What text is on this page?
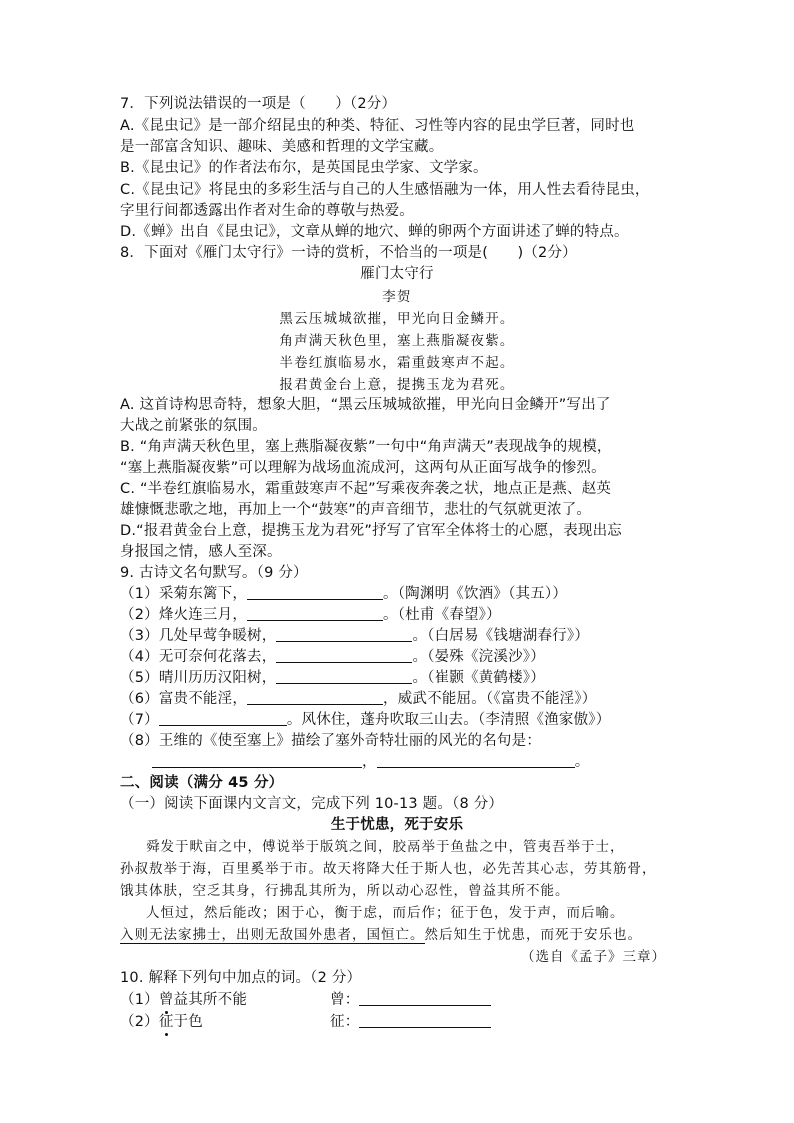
7．下列说法错误的一项是（　　）（2分）
A.《昆虫记》是一部介绍昆虫的种类、特征、习性等内容的昆虫学巨著，同时也
是一部富含知识、趣味、美感和哲理的文学宝藏。
B.《昆虫记》的作者法布尔，是英国昆虫学家、文学家。
C.《昆虫记》将昆虫的多彩生活与自己的人生感悟融为一体，用人性去看待昆虫，
字里行间都透露出作者对生命的尊敬与热爱。
D.《蝉》出自《昆虫记》，文章从蝉的地穴、蝉的卵两个方面讲述了蝉的特点。
8．下面对《雁门太守行》一诗的赏析，不恰当的一项是(　　)（2分）
雁门太守行
李贺
黑云压城城欲摧，甲光向日金鳞开。
角声满天秋色里，塞上燕脂凝夜紫。
半卷红旗临易水，霜重鼓寒声不起。
报君黄金台上意，提携玉龙为君死。
A. 这首诗构思奇特，想象大胆，“黑云压城城欲摧，甲光向日金鳞开”写出了
大战之前紧张的氛围。
B. “角声满天秋色里，塞上燕脂凝夜紫”一句中“角声满天”表现战争的规模，
“塞上燕脂凝夜紫”可以理解为战场血流成河，这两句从正面写战争的惨烈。
C. “半卷红旗临易水，霜重鼓寒声不起”写乘夜奔袭之状，地点正是燕、赵英
雄慷慨悲歌之地，再加上一个“鼓寒”的声音细节，悲壮的气氛就更浓了。
D.“报君黄金台上意，提携玉龙为君死”抒写了官军全体将士的心愿，表现出忘
身报国之情，感人至深。
9. 古诗文名句默写。（9 分）
（1）采菊东篱下，	。（陶渊明《饮酒》（其五））
（2）烽火连三月，	。（杜甫《春望》）
（3）几处早莺争暖树，	。（白居易《钱塘湖春行》）
（4）无可奈何花落去，	。（晏殊《浣溪沙》）
（5）晴川历历汉阳树，	。（崔颢《黄鹤楼》）
（6）富贵不能淫，	，威武不能屈。（《富贵不能淫》）
（7）	。风休住，蓬舟吹取三山去。（李清照《渔家傲》）
（8）王维的《使至塞上》描绘了塞外奇特壮丽的风光的名句是：
，	。
二、阅读（满分 45 分）
（一）阅读下面课内文言文，完成下列 10-13 题。（8 分）
生于忧患，死于安乐
舜发于畎亩之中，傅说举于版筑之间，胶鬲举于鱼盐之中，管夷吾举于士，
孙叔敖举于海，百里奚举于市。故天将降大任于斯人也，必先苦其心志，劳其筋骨，
饿其体肤，空乏其身，行拂乱其所为，所以动心忍性，曾益其所不能。
人恒过，然后能改；困于心，衡于虑，而后作；征于色，发于声，而后喻。
入则无法家拂士，出则无敌国外患者，国恒亡。然后知生于忧患，而死于安乐也。
（选自《孟子》三章）
10. 解释下列句中加点的词。（2 分）
（1）曾益其所不能	曾：
（2）征于色	征：
